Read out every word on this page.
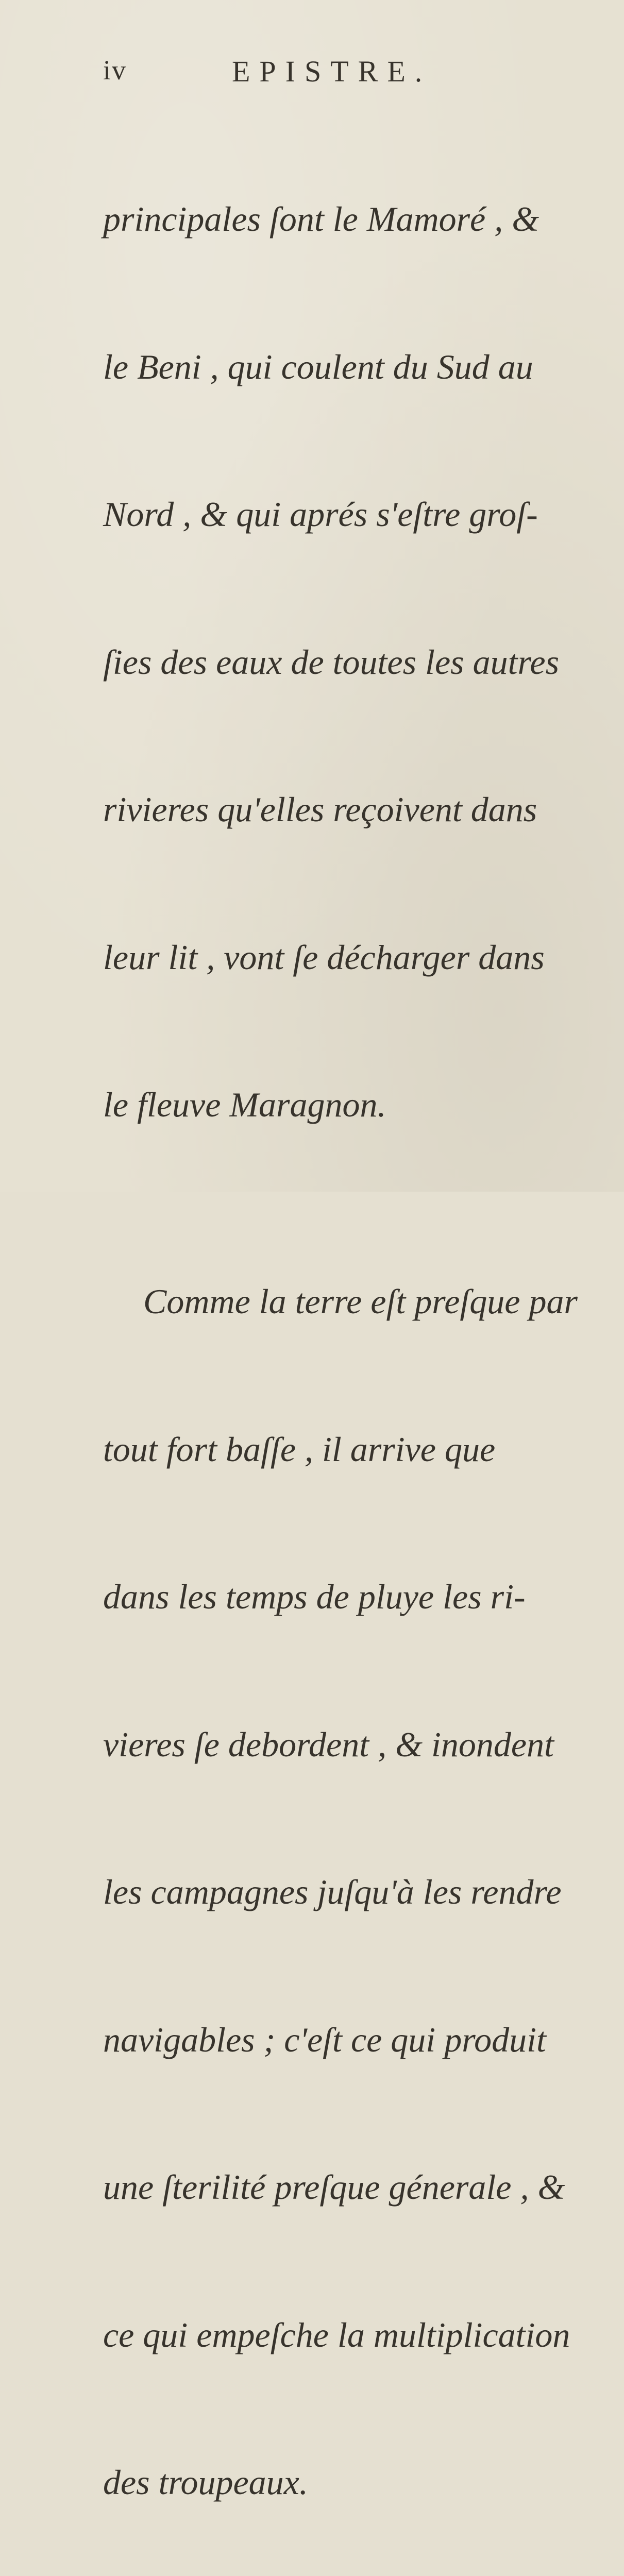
iv	EPISTRE.

principales ſont le Mamoré , &

le Beni , qui coulent du Sud au

Nord , & qui aprés s'eſtre groſ-

ſies des eaux de toutes les autres

rivieres qu'elles reçoivent dans

leur lit , vont ſe décharger dans

le fleuve Maragnon.

Comme la terre eſt preſque par

tout fort baſſe , il arrive que

dans les temps de pluye les ri-

vieres ſe debordent , & inondent

les campagnes juſqu'à les rendre

navigables ; c'eſt ce qui produit

une ſterilité preſque génerale , &

ce qui empeſche la multiplication

des troupeaux.
